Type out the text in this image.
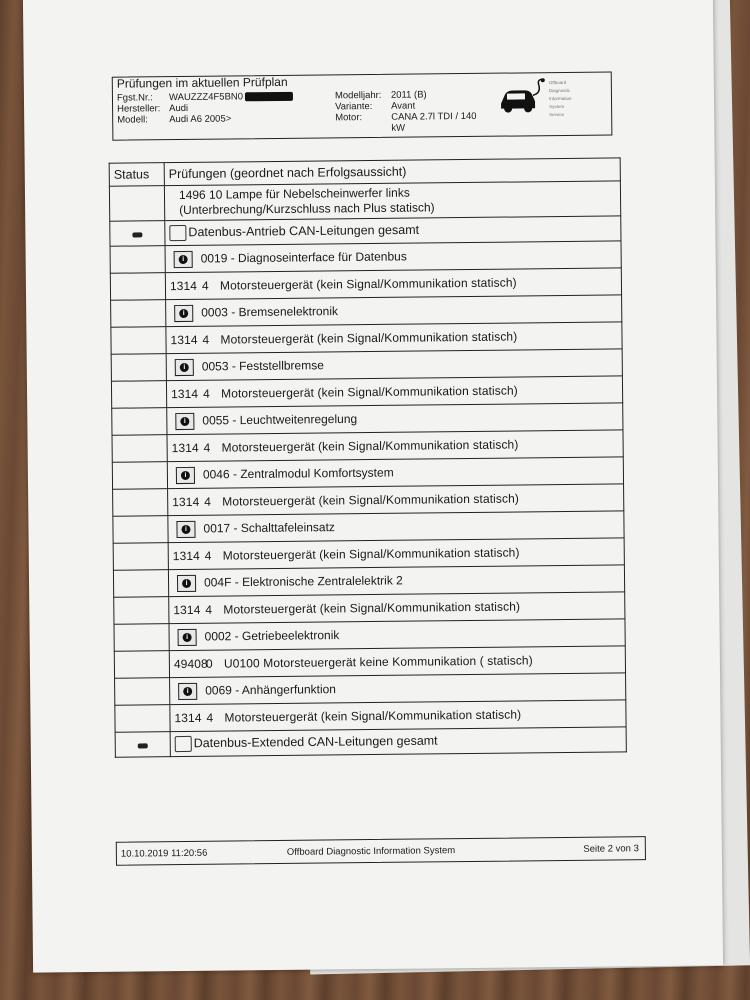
Prüfungen im aktuellen Prüfplan
Fgst.Nr.: WAUZZZ4F5BN0
Hersteller: Audi
Modell: Audi A6 2005>
Modelljahr: 2011 (B)
Variante: Avant
Motor:	CANA 2.7l TDI / 140 kW
Offboard
Diagnostic
Information
System
Service
Status	Prüfungen (geordnet nach Erfolgsaussicht)
	1496 10 Lampe für Nebelscheinwerfer links
(Unterbrechung/Kurzschluss nach Plus statisch)
	Datenbus-Antrieb CAN-Leitungen gesamt

	i 0019 - Diagnoseinterface für Datenbus
	1314 4 Motorsteuergerät (kein Signal/Kommunikation statisch)

	i 0003 - Bremsenelektronik
	1314 4 Motorsteuergerät (kein Signal/Kommunikation statisch)

	i 0053 - Feststellbremse
	1314 4 Motorsteuergerät (kein Signal/Kommunikation statisch)

	i 0055 - Leuchtweitenregelung
	1314 4 Motorsteuergerät (kein Signal/Kommunikation statisch)

	i 0046 - Zentralmodul Komfortsystem
	1314 4 Motorsteuergerät (kein Signal/Kommunikation statisch)

	i 0017 - Schalttafeleinsatz
	1314 4 Motorsteuergerät (kein Signal/Kommunikation statisch)

	i 004F - Elektronische Zentralelektrik 2
	1314 4 Motorsteuergerät (kein Signal/Kommunikation statisch)

	i 0002 - Getriebeelektronik
	494080 U0100 Motorsteuergerät keine Kommunikation ( statisch)

	i 0069 - Anhängerfunktion
	1314 4 Motorsteuergerät (kein Signal/Kommunikation statisch)
	Datenbus-Extended CAN-Leitungen gesamt
10.10.2019 11:20:56	Offboard Diagnostic Information System	Seite 2 von 3
